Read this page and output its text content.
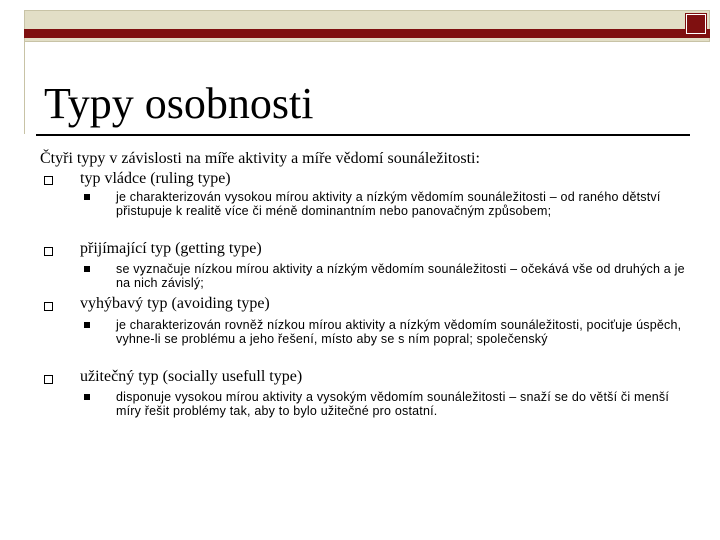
Typy osobnosti
Čtyři typy v závislosti na míře aktivity a míře vědomí sounáležitosti:
typ vládce (ruling type)
je charakterizován vysokou mírou aktivity a nízkým vědomím sounáležitosti – od raného dětství přistupuje k realitě více či méně dominantním nebo panovačným způsobem;
přijímající typ (getting type)
se vyznačuje nízkou mírou aktivity a nízkým vědomím sounáležitosti – očekává vše od druhých a je na nich závislý;
vyhýbavý typ (avoiding type)
je charakterizován rovněž nízkou mírou aktivity a nízkým vědomím sounáležitosti, pociťuje úspěch, vyhne-li se problému a jeho řešení, místo aby se s ním popral; společenský
užitečný typ (socially usefull type)
disponuje vysokou mírou aktivity a vysokým vědomím sounáležitosti – snaží se do větší či menší míry řešit problémy tak, aby to bylo užitečné pro ostatní.
